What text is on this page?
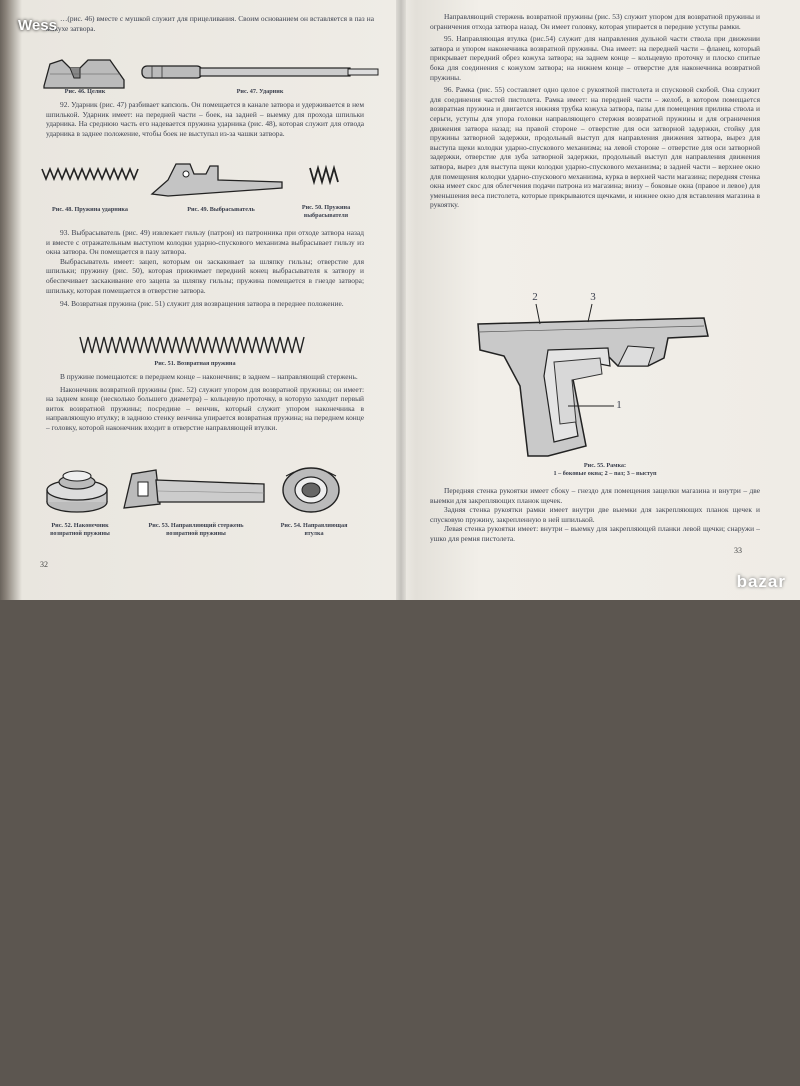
…(рис. 46) вместе с мушкой служит для прицеливания. Своим основанием он вставляется в паз на кожухе затвора.

Рис. 46. Целик	Рис. 47. Ударник

92. Ударник (рис. 47) разбивает капсюль. Он помещается в канале затвора и удерживается в нем шпилькой. Ударник имеет: на передней части – боек, на задней – выемку для прохода шпильки ударника. На среднюю часть его надевается пружина ударника (рис. 48), которая служит для отвода ударника в заднее положение, чтобы боек не выступал из-за чашки затвора.

Рис. 48. Пружина ударника	Рис. 49. Выбрасыватель	Рис. 50. Пружина выбрасывателя

93. Выбрасыватель (рис. 49) извлекает гильзу (патрон) из патронника при отходе затвора назад и вместе с отражательным выступом колодки ударно-спускового механизма выбрасывает гильзу из окна затвора. Он помещается в пазу затвора.

Выбрасыватель имеет: зацеп, которым он заскакивает за шляпку гильзы; отверстие для шпильки; пружину (рис. 50), которая прижимает передний конец выбрасывателя к затвору и обеспечивает заскакивание его зацепа за шляпку гильзы; пружина помещается в гнезде затвора; шпильку, которая помещается в отверстие затвора.

94. Возвратная пружина (рис. 51) служит для возвращения затвора в переднее положение.

Рис. 51. Возвратная пружина

В пружине помещаются: в переднем конце – наконечник; в заднем – направляющий стержень.

Наконечник возвратной пружины (рис. 52) служит упором для возвратной пружины; он имеет: на заднем конце (несколько большего диаметра) – кольцевую проточку, в которую заходит первый виток возвратной пружины; посредине – венчик, который служит упором наконечника в направляющую втулку; в заднюю стенку венчика упирается возвратная пружина; на переднем конце – головку, которой наконечник входит в отверстие направляющей втулки.

Рис. 52. Наконечник возвратной пружины
Рис. 53. Направляющий стержень возвратной пружины
Рис. 54. Направляющая втулка
32

Направляющий стержень возвратной пружины (рис. 53) служит упором для возвратной пружины и ограничения отхода затвора назад. Он имеет головку, которая упирается в передние уступы рамки.

95. Направляющая втулка (рис.54) служит для направления дульной части ствола при движении затвора и упором наконечника возвратной пружины. Она имеет: на передней части – фланец, который прикрывает передний обрез кожуха затвора; на заднем конце – кольцевую проточку и плоско спитые бока для соединения с кожухом затвора; на нижнем конце – отверстие для наконечника возвратной пружины.

96. Рамка (рис. 55) составляет одно целое с рукояткой пистолета и спусковой скобой. Она служит для соединения частей пистолета. Рамка имеет: на передней части – желоб, в котором помещается возвратная пружина и двигается нижняя трубка кожуха затвора, пазы для помещения прилива ствола и серьги, уступы для упора головки направляющего стержня возвратной пружины и для ограничения движения затвора назад; на правой стороне – отверстие для оси затворной задержки, стойку для пружины затворной задержки, продольный выступ для направления движения затвора, вырез для выступа щеки колодки ударно-спускового механизма; на левой стороне – отверстие для оси затворной задержки, отверстие для зуба затворной задержки, продольный выступ для направления движения затвора, вырез для выступа щеки колодки ударно-спускового механизма; в задней части – верхнее окно для помещения колодки ударно-спускового механизма, курка в верхней части магазина; передняя стенка окна имеет скос для облегчения подачи патрона из магазина; внизу – боковые окна (правое и левое) для уменьшения веса пистолета, которые прикрываются щечками, и нижнее окно для вставления магазина в рукоятку.

2	3
1
Рис. 55. Рамка:
1 – боковые окна; 2 – паз; 3 – выступ

Передняя стенка рукоятки имеет сбоку – гнездо для помещения защелки магазина и внутри – две выемки для закрепляющих планок щечек.

Задняя стенка рукоятки рамки имеет внутри две выемки для закрепляющих планок щечек и спусковую пружину, закрепленную в ней шпилькой.

Левая стенка рукоятки имеет: внутри – выемку для закрепляющей планки левой щечки; снаружи – ушко для ремня пистолета.

33
Wess
bazar
